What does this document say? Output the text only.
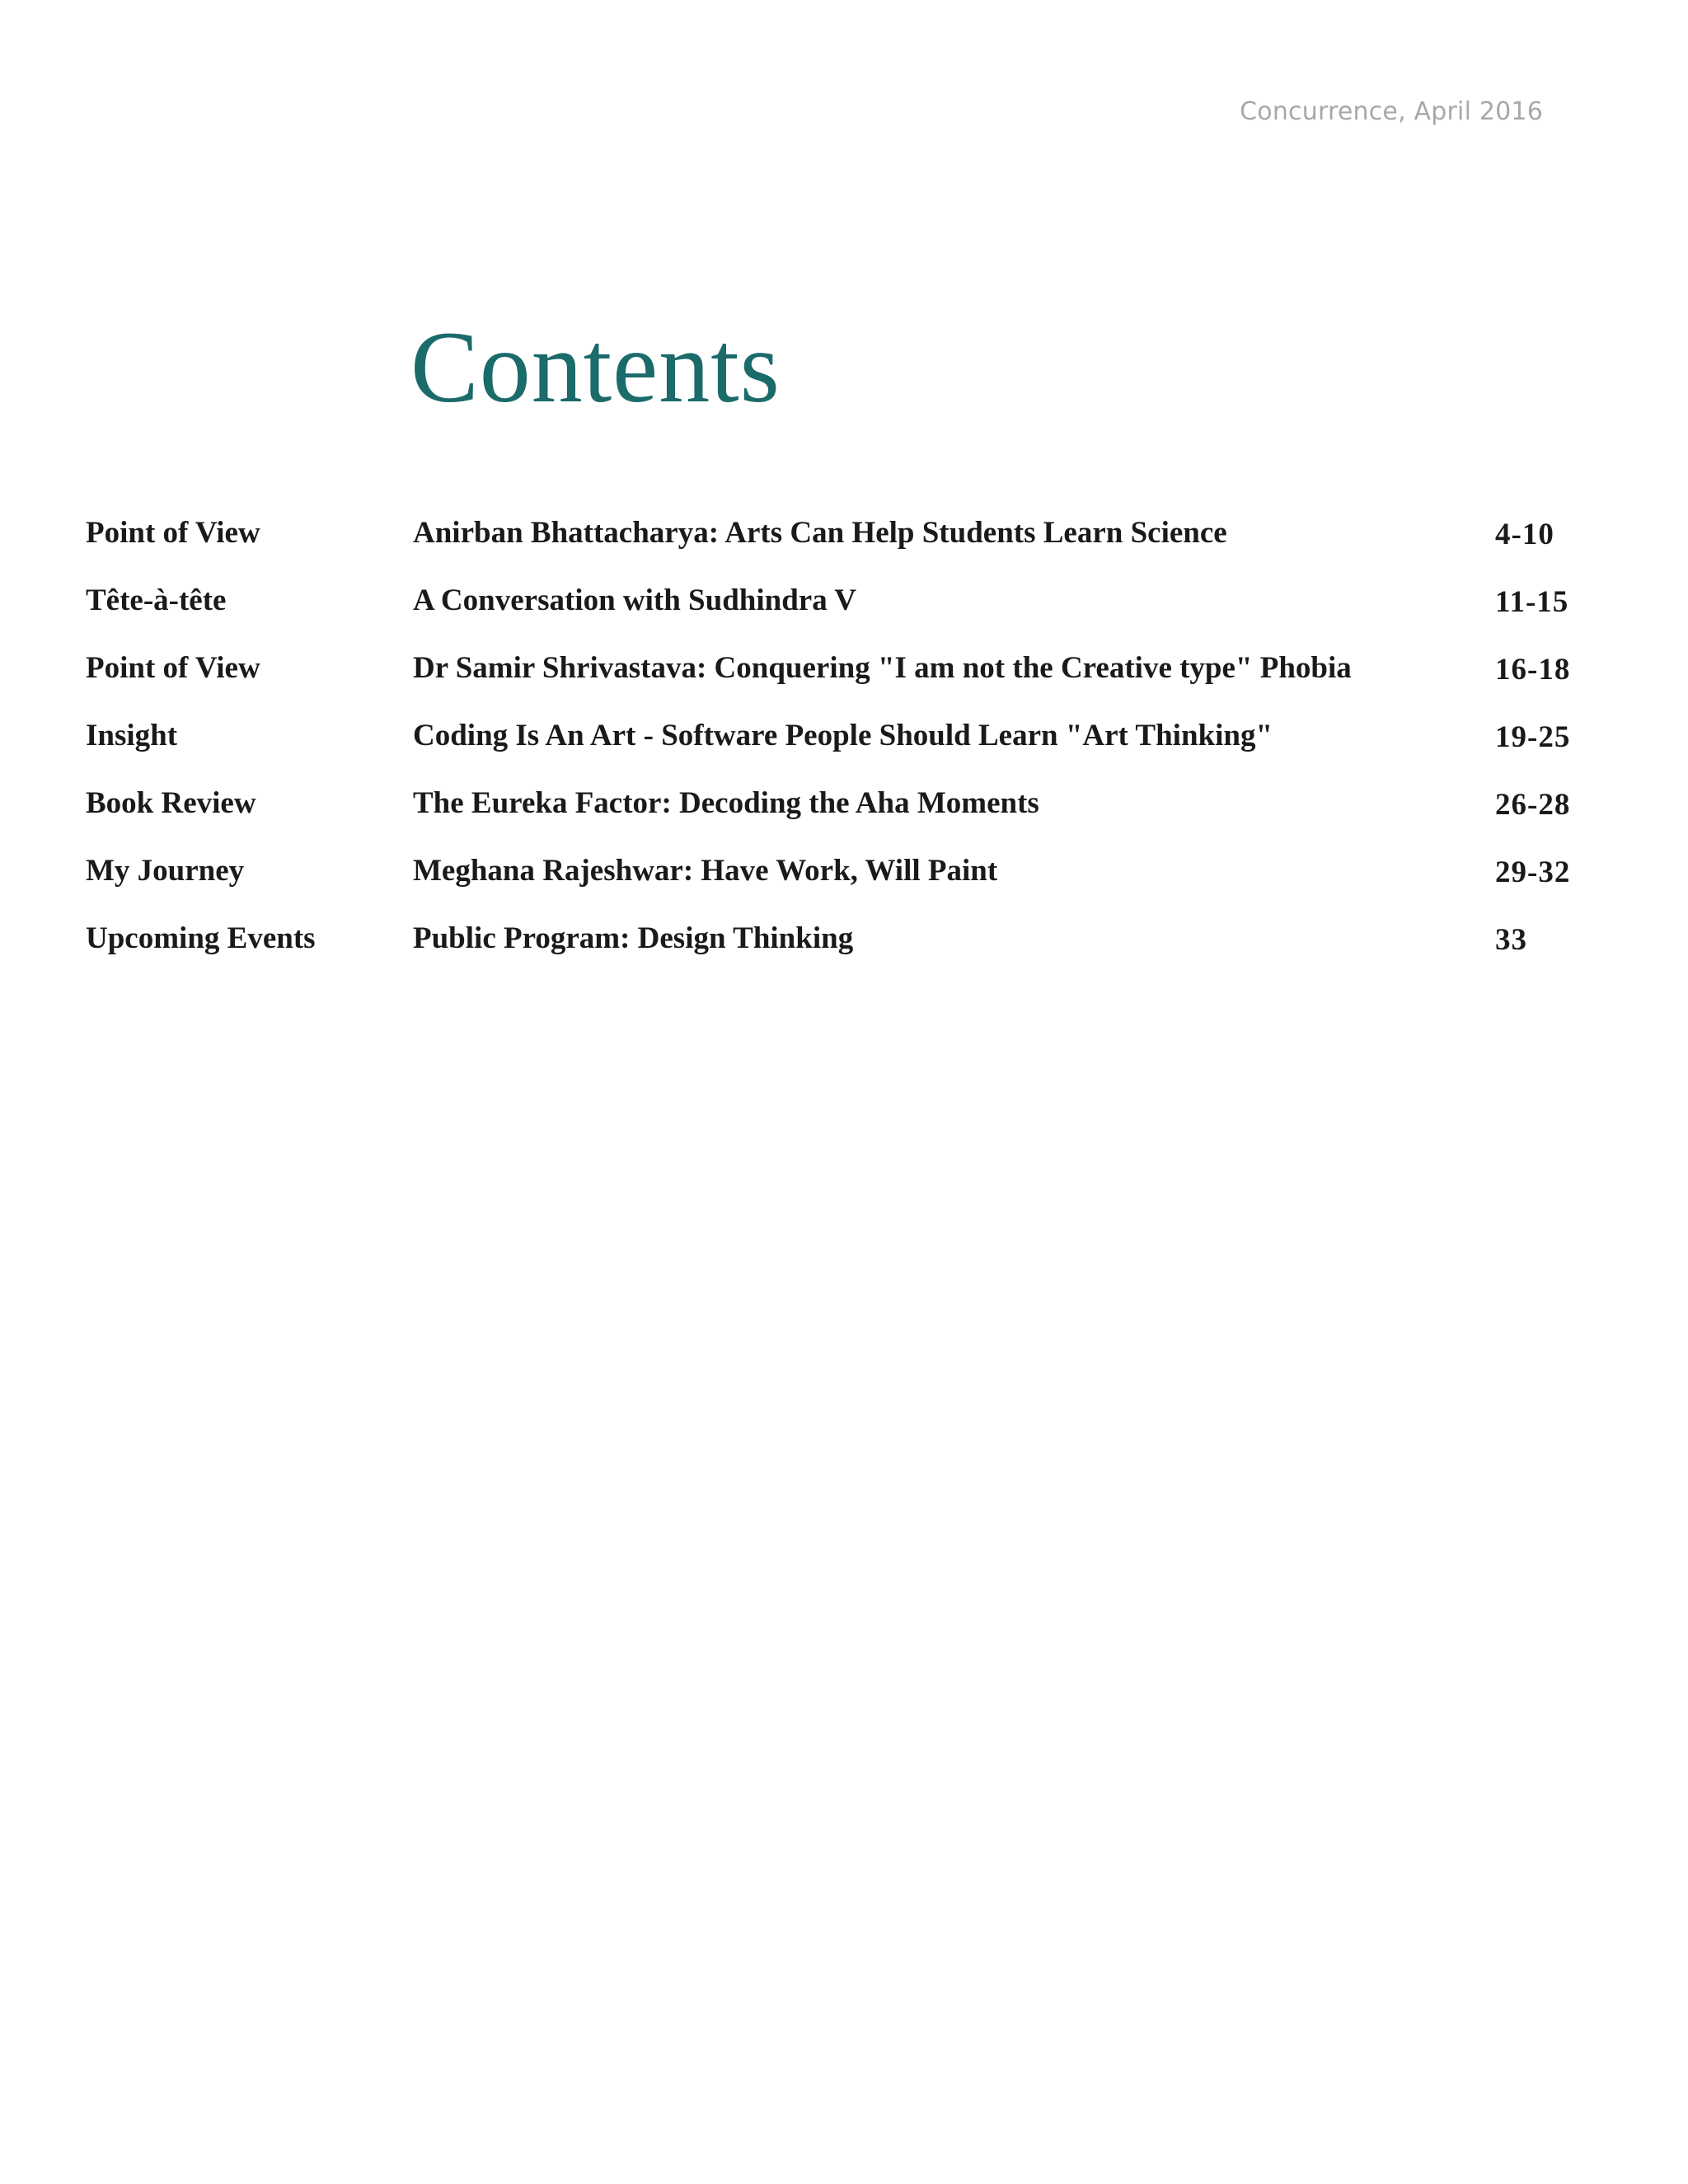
Concurrence, April 2016
Contents
Point of View	Anirban Bhattacharya: Arts Can Help Students Learn Science	4-10
Tête-à-tête	A Conversation with Sudhindra V	11-15
Point of View	Dr Samir Shrivastava: Conquering "I am not the Creative type" Phobia	16-18
Insight	Coding Is An Art - Software People Should Learn "Art Thinking"	19-25
Book Review	The Eureka Factor: Decoding the Aha Moments	26-28
My Journey	Meghana Rajeshwar: Have Work, Will Paint	29-32
Upcoming Events	Public Program: Design Thinking	33
